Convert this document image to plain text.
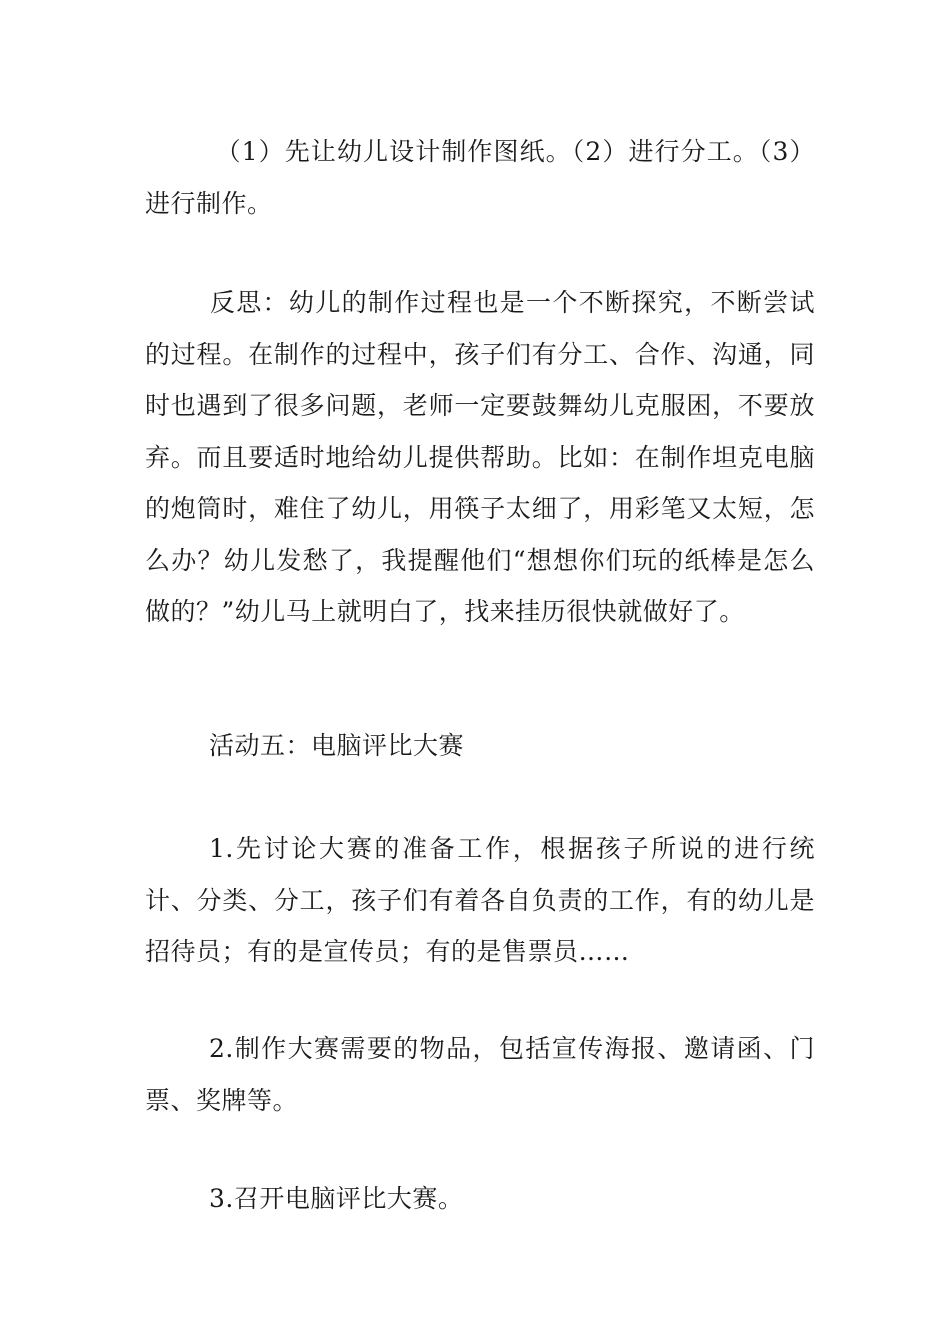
（1）先让幼儿设计制作图纸。（2）进行分工。（3）进行制作。

反思：幼儿的制作过程也是一个不断探究，不断尝试的过程。在制作的过程中，孩子们有分工、合作、沟通，同时也遇到了很多问题，老师一定要鼓舞幼儿克服困，不要放弃。而且要适时地给幼儿提供帮助。比如：在制作坦克电脑的炮筒时，难住了幼儿，用筷子太细了，用彩笔又太短，怎么办？幼儿发愁了，我提醒他们“想想你们玩的纸棒是怎么做的？”幼儿马上就明白了，找来挂历很快就做好了。

活动五：电脑评比大赛

1.先讨论大赛的准备工作，根据孩子所说的进行统计、分类、分工，孩子们有着各自负责的工作，有的幼儿是招待员；有的是宣传员；有的是售票员……

2.制作大赛需要的物品，包括宣传海报、邀请函、门票、奖牌等。

3.召开电脑评比大赛。
